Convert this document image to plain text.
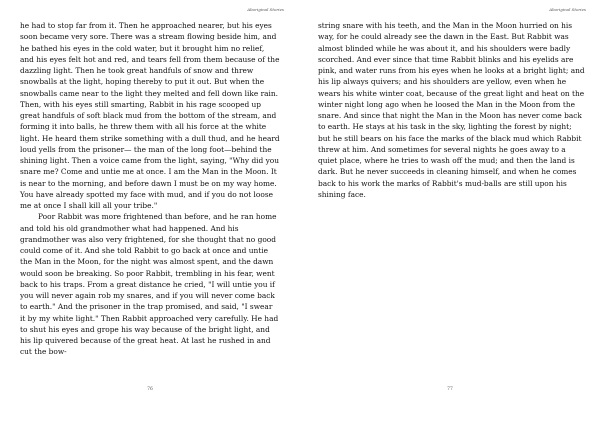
Aboriginal Stories

he had to stop far from it. Then he approached nearer, but his eyes soon became very sore. There was a stream flowing beside him, and he bathed his eyes in the cold water, but it brought him no relief, and his eyes felt hot and red, and tears fell from them because of the dazzling light. Then he took great handfuls of snow and threw snowballs at the light, hoping thereby to put it out. But when the snowballs came near to the light they melted and fell down like rain. Then, with his eyes still smarting, Rabbit in his rage scooped up great handfuls of soft black mud from the bottom of the stream, and forming it into balls, he threw them with all his force at the white light. He heard them strike something with a dull thud, and he heard loud yells from the prisoner— the man of the long foot—behind the shining light. Then a voice came from the light, saying, "Why did you snare me? Come and untie me at once. I am the Man in the Moon. It is near to the morning, and before dawn I must be on my way home. You have already spotted my face with mud, and if you do not loose me at once I shall kill all your tribe."

Poor Rabbit was more frightened than before, and he ran home and told his old grandmother what had happened. And his grandmother was also very frightened, for she thought that no good could come of it. And she told Rabbit to go back at once and untie the Man in the Moon, for the night was almost spent, and the dawn would soon be breaking. So poor Rabbit, trembling in his fear, went back to his traps. From a great distance he cried, "I will untie you if you will never again rob my snares, and if you will never come back to earth." And the prisoner in the trap promised, and said, "I swear it by my white light." Then Rabbit approached very carefully. He had to shut his eyes and grope his way because of the bright light, and his lip quivered because of the great heat. At last he rushed in and cut the bow-

76
Aboriginal Stories

string snare with his teeth, and the Man in the Moon hurried on his way, for he could already see the dawn in the East. But Rabbit was almost blinded while he was about it, and his shoulders were badly scorched. And ever since that time Rabbit blinks and his eyelids are pink, and water runs from his eyes when he looks at a bright light; and his lip always quivers; and his shoulders are yellow, even when he wears his white winter coat, because of the great light and heat on the winter night long ago when he loosed the Man in the Moon from the snare. And since that night the Man in the Moon has never come back to earth. He stays at his task in the sky, lighting the forest by night; but he still bears on his face the marks of the black mud which Rabbit threw at him. And sometimes for several nights he goes away to a quiet place, where he tries to wash off the mud; and then the land is dark. But he never succeeds in cleaning himself, and when he comes back to his work the marks of Rabbit's mud-balls are still upon his shining face.

77
